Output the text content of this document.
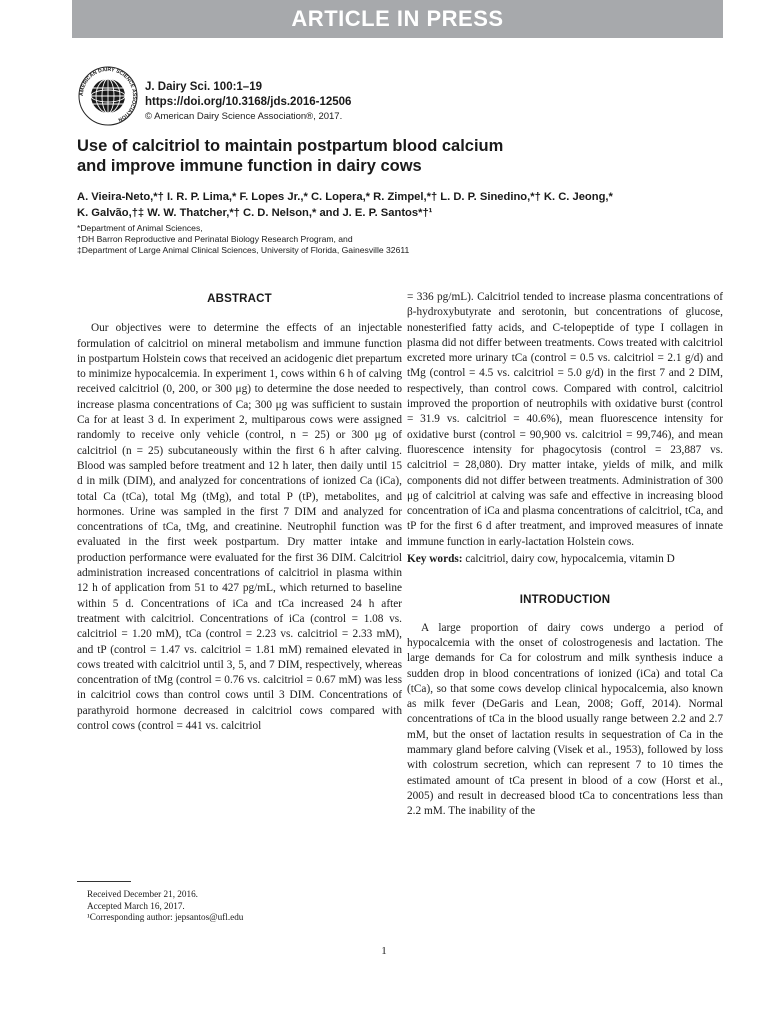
ARTICLE IN PRESS
AMERICAN DAIRY SCIENCE ASSOCIATION
J. Dairy Sci. 100:1–19
https://doi.org/10.3168/jds.2016-12506
© American Dairy Science Association®, 2017.
Use of calcitriol to maintain postpartum blood calcium
and improve immune function in dairy cows
A. Vieira-Neto,*† I. R. P. Lima,* F. Lopes Jr.,* C. Lopera,* R. Zimpel,*† L. D. P. Sinedino,*† K. C. Jeong,*
K. Galvão,†‡ W. W. Thatcher,*† C. D. Nelson,* and J. E. P. Santos*†¹
*Department of Animal Sciences,
†DH Barron Reproductive and Perinatal Biology Research Program, and
‡Department of Large Animal Clinical Sciences, University of Florida, Gainesville 32611
ABSTRACT

Our objectives were to determine the effects of an injectable formulation of calcitriol on mineral metabolism and immune function in postpartum Holstein cows that received an acidogenic diet prepartum to minimize hypocalcemia. In experiment 1, cows within 6 h of calving received calcitriol (0, 200, or 300 μg) to determine the dose needed to increase plasma concentrations of Ca; 300 μg was sufficient to sustain Ca for at least 3 d. In experiment 2, multiparous cows were assigned randomly to receive only vehicle (control, n = 25) or 300 μg of calcitriol (n = 25) subcutaneously within the first 6 h after calving. Blood was sampled before treatment and 12 h later, then daily until 15 d in milk (DIM), and analyzed for concentrations of ionized Ca (iCa), total Ca (tCa), total Mg (tMg), and total P (tP), metabolites, and hormones. Urine was sampled in the first 7 DIM and analyzed for concentrations of tCa, tMg, and creatinine. Neutrophil function was evaluated in the first week postpartum. Dry matter intake and production performance were evaluated for the first 36 DIM. Calcitriol administration increased concentrations of calcitriol in plasma within 12 h of application from 51 to 427 pg/mL, which returned to baseline within 5 d. Concentrations of iCa and tCa increased 24 h after treatment with calcitriol. Concentrations of iCa (control = 1.08 vs. calcitriol = 1.20 mM), tCa (control = 2.23 vs. calcitriol = 2.33 mM), and tP (control = 1.47 vs. calcitriol = 1.81 mM) remained elevated in cows treated with calcitriol until 3, 5, and 7 DIM, respectively, whereas concentration of tMg (control = 0.76 vs. calcitriol = 0.67 mM) was less in calcitriol cows than control cows until 3 DIM. Concentrations of parathyroid hormone decreased in calcitriol cows compared with control cows (control = 441 vs. calcitriol

= 336 pg/mL). Calcitriol tended to increase plasma concentrations of β-hydroxybutyrate and serotonin, but concentrations of glucose, nonesterified fatty acids, and C-telopeptide of type I collagen in plasma did not differ between treatments. Cows treated with calcitriol excreted more urinary tCa (control = 0.5 vs. calcitriol = 2.1 g/d) and tMg (control = 4.5 vs. calcitriol = 5.0 g/d) in the first 7 and 2 DIM, respectively, than control cows. Compared with control, calcitriol improved the proportion of neutrophils with oxidative burst (control = 31.9 vs. calcitriol = 40.6%), mean fluorescence intensity for oxidative burst (control = 90,900 vs. calcitriol = 99,746), and mean fluorescence intensity for phagocytosis (control = 23,887 vs. calcitriol = 28,080). Dry matter intake, yields of milk, and milk components did not differ between treatments. Administration of 300 μg of calcitriol at calving was safe and effective in increasing blood concentration of iCa and plasma concentrations of calcitriol, tCa, and tP for the first 6 d after treatment, and improved measures of innate immune function in early-lactation Holstein cows.

Key words: calcitriol, dairy cow, hypocalcemia, vitamin D

INTRODUCTION

A large proportion of dairy cows undergo a period of hypocalcemia with the onset of colostrogenesis and lactation. The large demands for Ca for colostrum and milk synthesis induce a sudden drop in blood concentrations of ionized (iCa) and total Ca (tCa), so that some cows develop clinical hypocalcemia, also known as milk fever (DeGaris and Lean, 2008; Goff, 2014). Normal concentrations of tCa in the blood usually range between 2.2 and 2.7 mM, but the onset of lactation results in sequestration of Ca in the mammary gland before calving (Visek et al., 1953), followed by loss with colostrum secretion, which can represent 7 to 10 times the estimated amount of tCa present in blood of a cow (Horst et al., 2005) and result in decreased blood tCa to concentrations less than 2.2 mM. The inability of the

Received December 21, 2016.
Accepted March 16, 2017.
¹Corresponding author: jepsantos@ufl.edu
1
